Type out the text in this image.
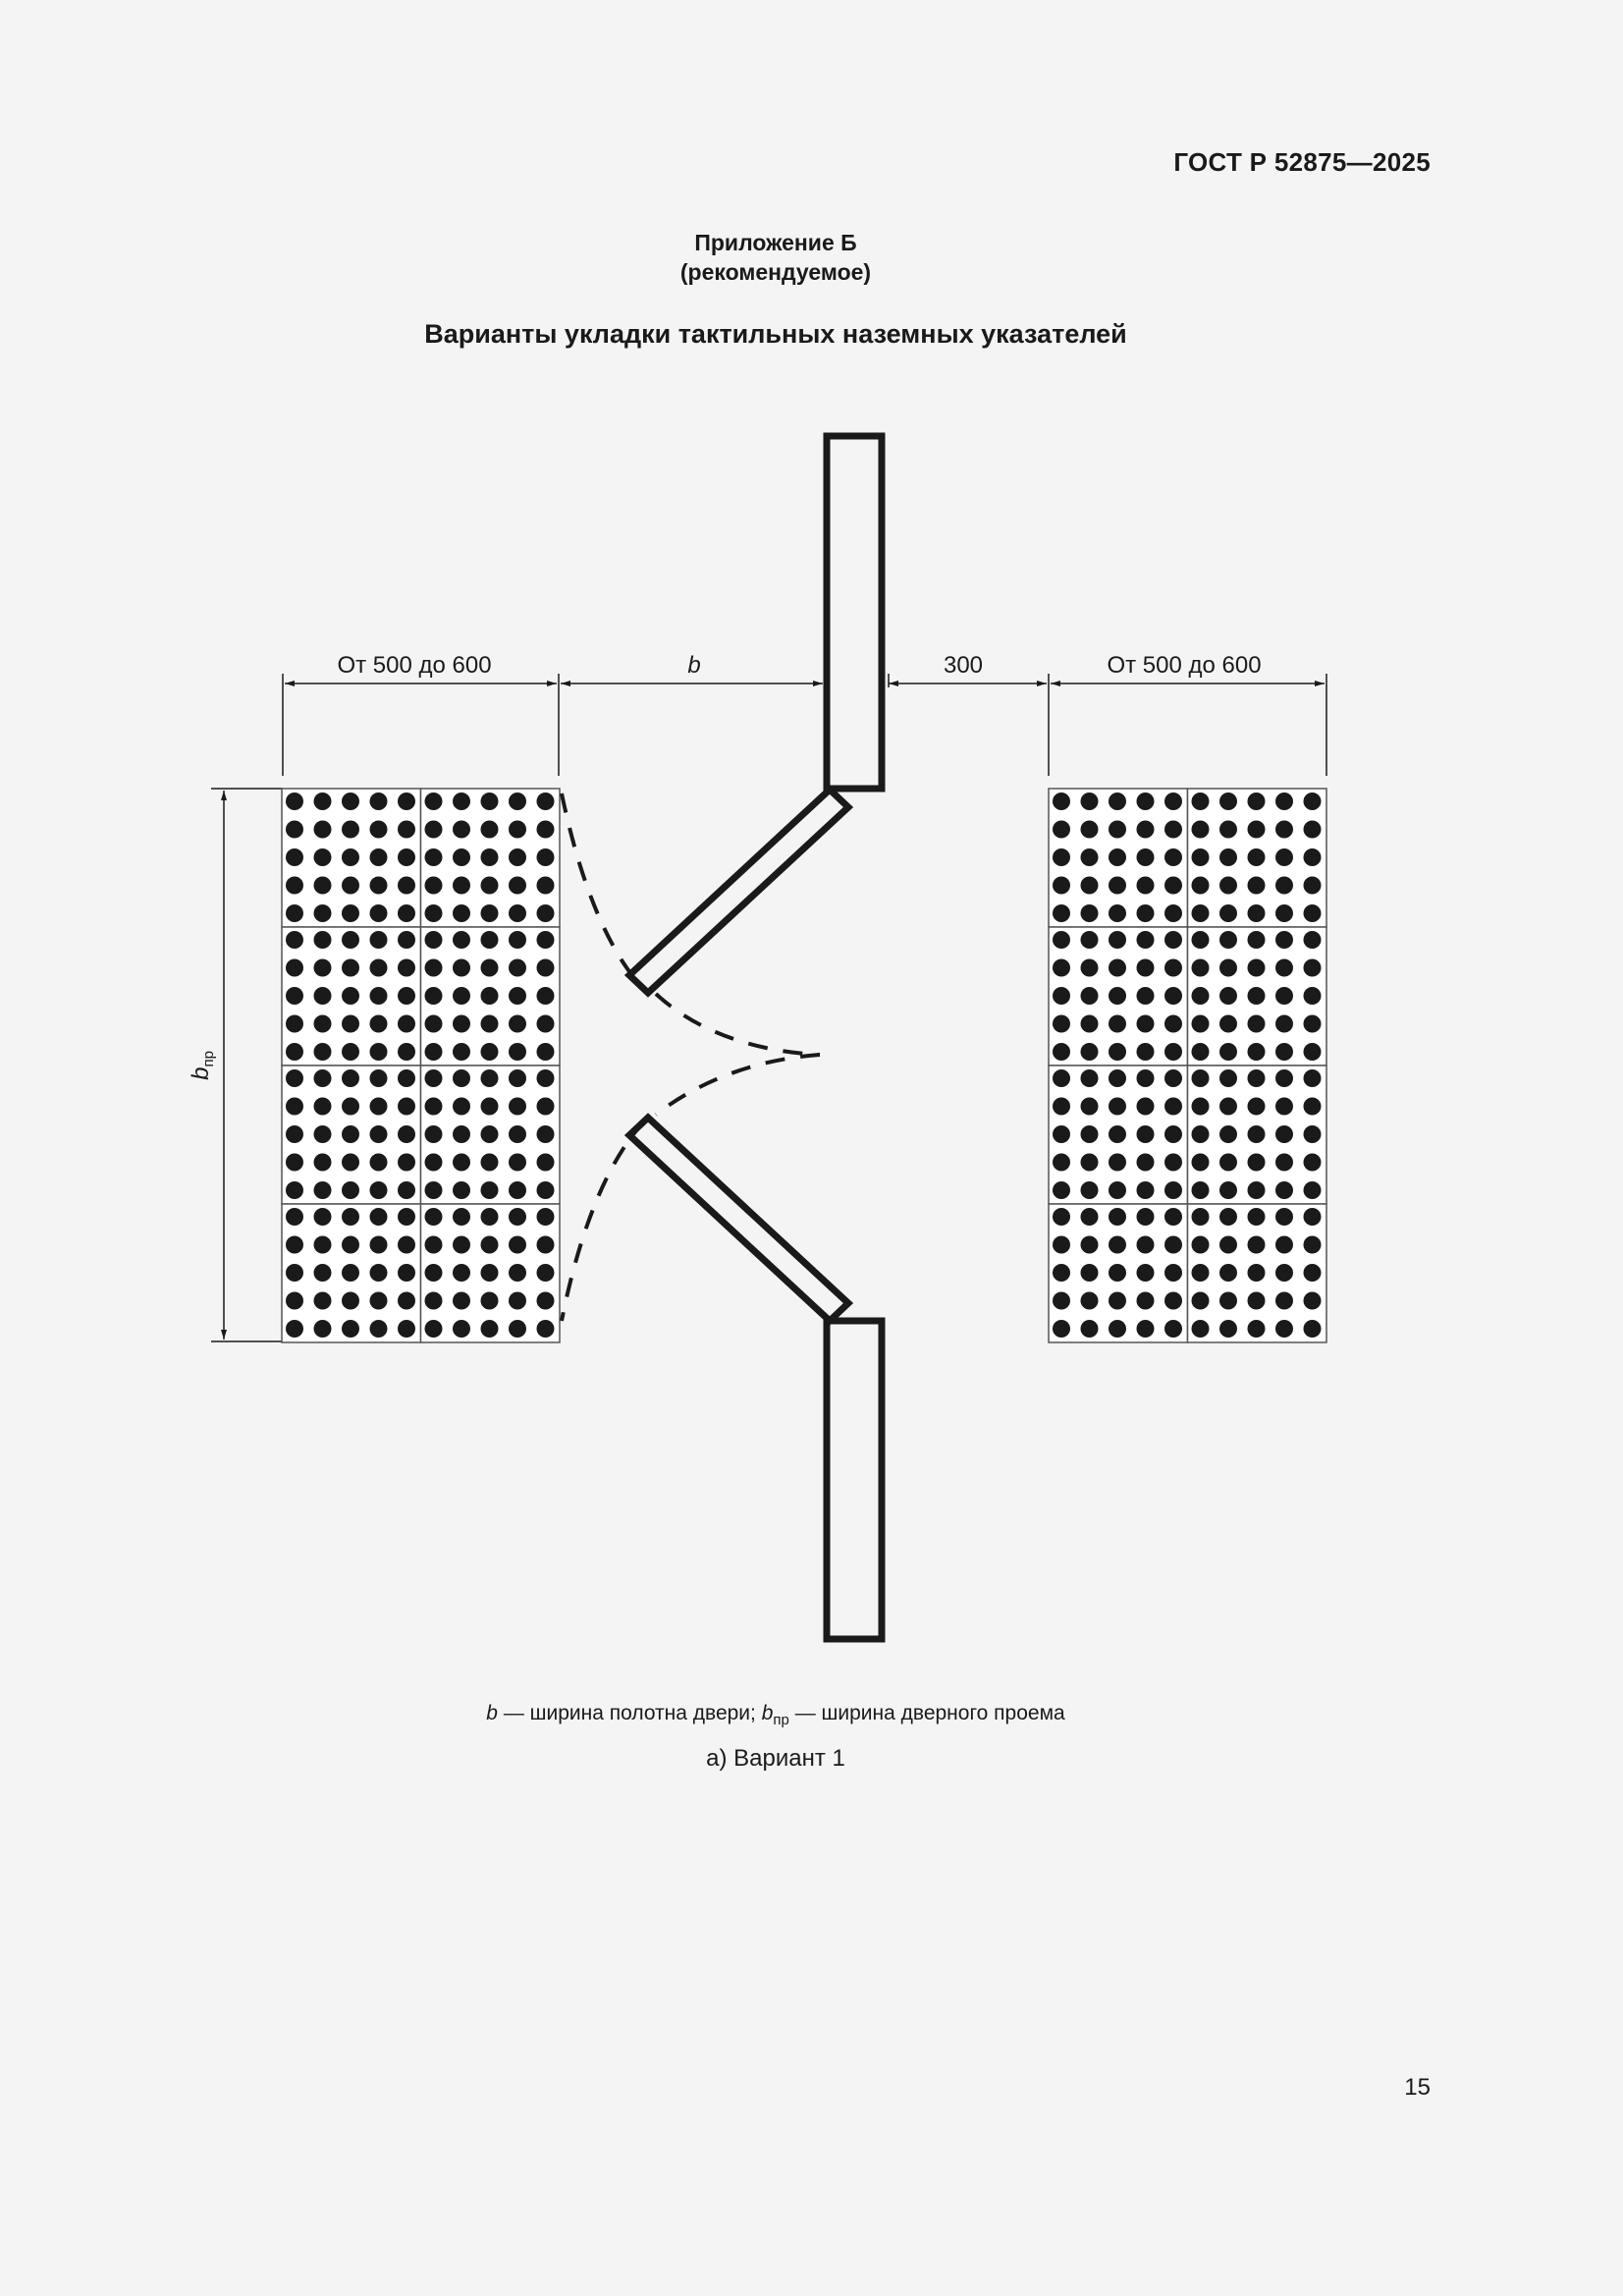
ГОСТ Р 52875—2025
Приложение Б
(рекомендуемое)
Варианты укладки тактильных наземных указателей
От 500 до 600	b	300	От 500 до 600
$b_{пр}$
b — ширина полотна двери; $b_{пр}$ — ширина дверного проема
а) Вариант 1
15
